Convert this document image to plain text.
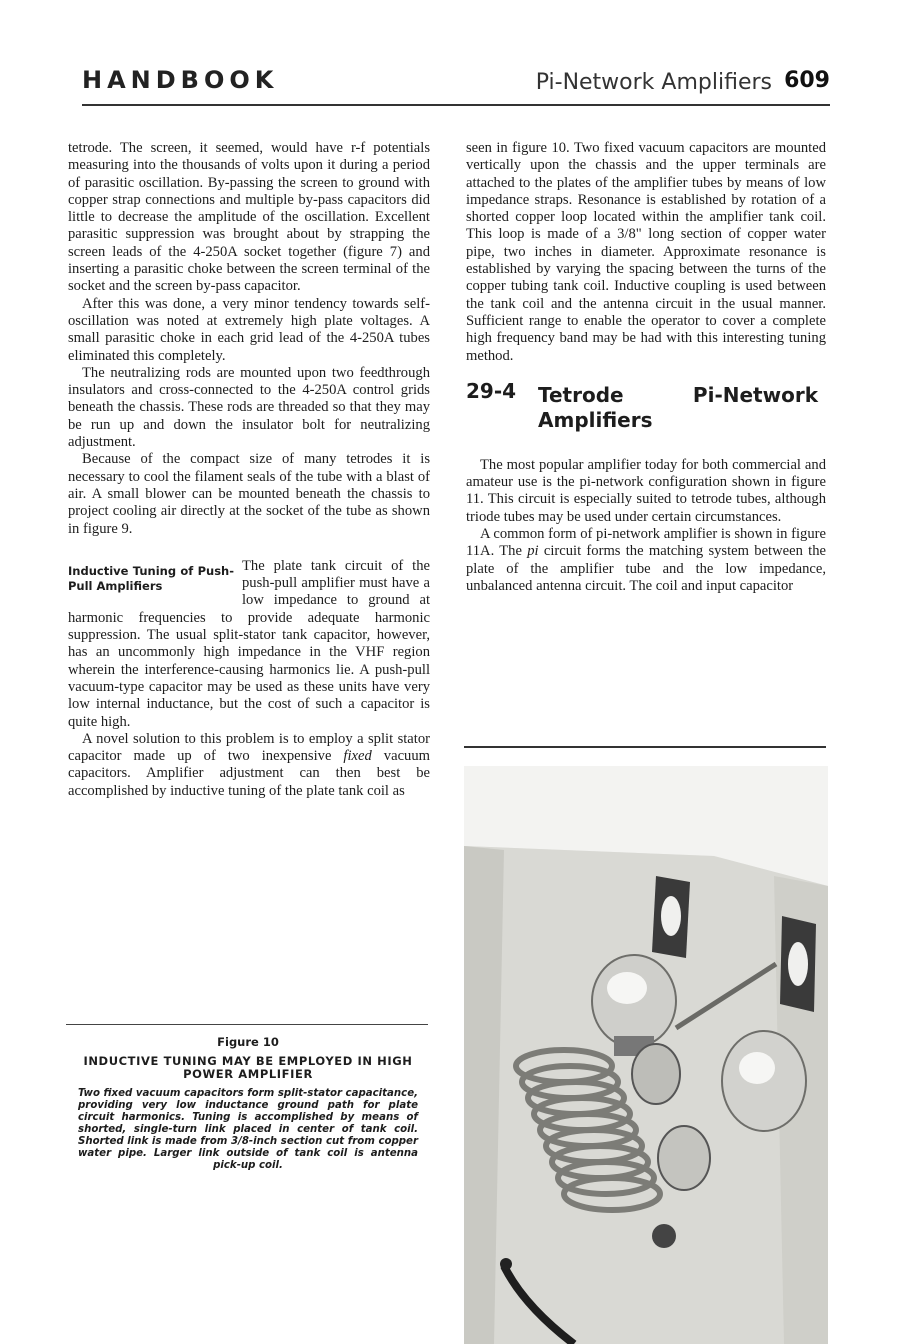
HANDBOOK	Pi-Network Amplifiers 609

tetrode. The screen, it seemed, would have r-f potentials measuring into the thousands of volts upon it during a period of parasitic oscillation. By-passing the screen to ground with copper strap connections and multiple by-pass capacitors did little to decrease the amplitude of the oscillation. Excellent parasitic suppression was brought about by strapping the screen leads of the 4-250A socket together (figure 7) and inserting a parasitic choke between the screen terminal of the socket and the screen by-pass capacitor.

After this was done, a very minor tendency towards self-oscillation was noted at extremely high plate voltages. A small parasitic choke in each grid lead of the 4-250A tubes eliminated this completely.

The neutralizing rods are mounted upon two feedthrough insulators and cross-connected to the 4-250A control grids beneath the chassis. These rods are threaded so that they may be run up and down the insulator bolt for neutralizing adjustment.

Because of the compact size of many tetrodes it is necessary to cool the filament seals of the tube with a blast of air. A small blower can be mounted beneath the chassis to project cooling air directly at the socket of the tube as shown in figure 9.

Inductive Tuning of Push-Pull Amplifiers
The plate tank circuit of the push-pull amplifier must have a low impedance to ground at harmonic frequencies to provide adequate harmonic suppression. The usual split-stator tank capacitor, however, has an uncommonly high impedance in the VHF region wherein the interference-causing harmonics lie. A push-pull vacuum-type capacitor may be used as these units have very low internal inductance, but the cost of such a capacitor is quite high.

A novel solution to this problem is to employ a split stator capacitor made up of two inexpensive fixed vacuum capacitors. Amplifier adjustment can then best be accomplished by inductive tuning of the plate tank coil as

Figure 10
INDUCTIVE TUNING MAY BE EMPLOYED IN HIGH POWER AMPLIFIER
Two fixed vacuum capacitors form split-stator capacitance, providing very low inductance ground path for plate circuit harmonics. Tuning is accomplished by means of shorted, single-turn link placed in center of tank coil. Shorted link is made from 3/8-inch section cut from copper water pipe. Larger link outside of tank coil is antenna pick-up coil.

seen in figure 10. Two fixed vacuum capacitors are mounted vertically upon the chassis and the upper terminals are attached to the plates of the amplifier tubes by means of low impedance straps. Resonance is established by rotation of a shorted copper loop located within the amplifier tank coil. This loop is made of a 3/8" long section of copper water pipe, two inches in diameter. Approximate resonance is established by varying the spacing between the turns of the copper tubing tank coil. Inductive coupling is used between the tank coil and the antenna circuit in the usual manner. Sufficient range to enable the operator to cover a complete high frequency band may be had with this interesting tuning method.

29-4 Tetrode Pi-Network Amplifiers

The most popular amplifier today for both commercial and amateur use is the pi-network configuration shown in figure 11. This circuit is especially suited to tetrode tubes, although triode tubes may be used under certain circumstances.

A common form of pi-network amplifier is shown in figure 11A. The pi circuit forms the matching system between the plate of the amplifier tube and the low impedance, unbalanced antenna circuit. The coil and input capacitor
